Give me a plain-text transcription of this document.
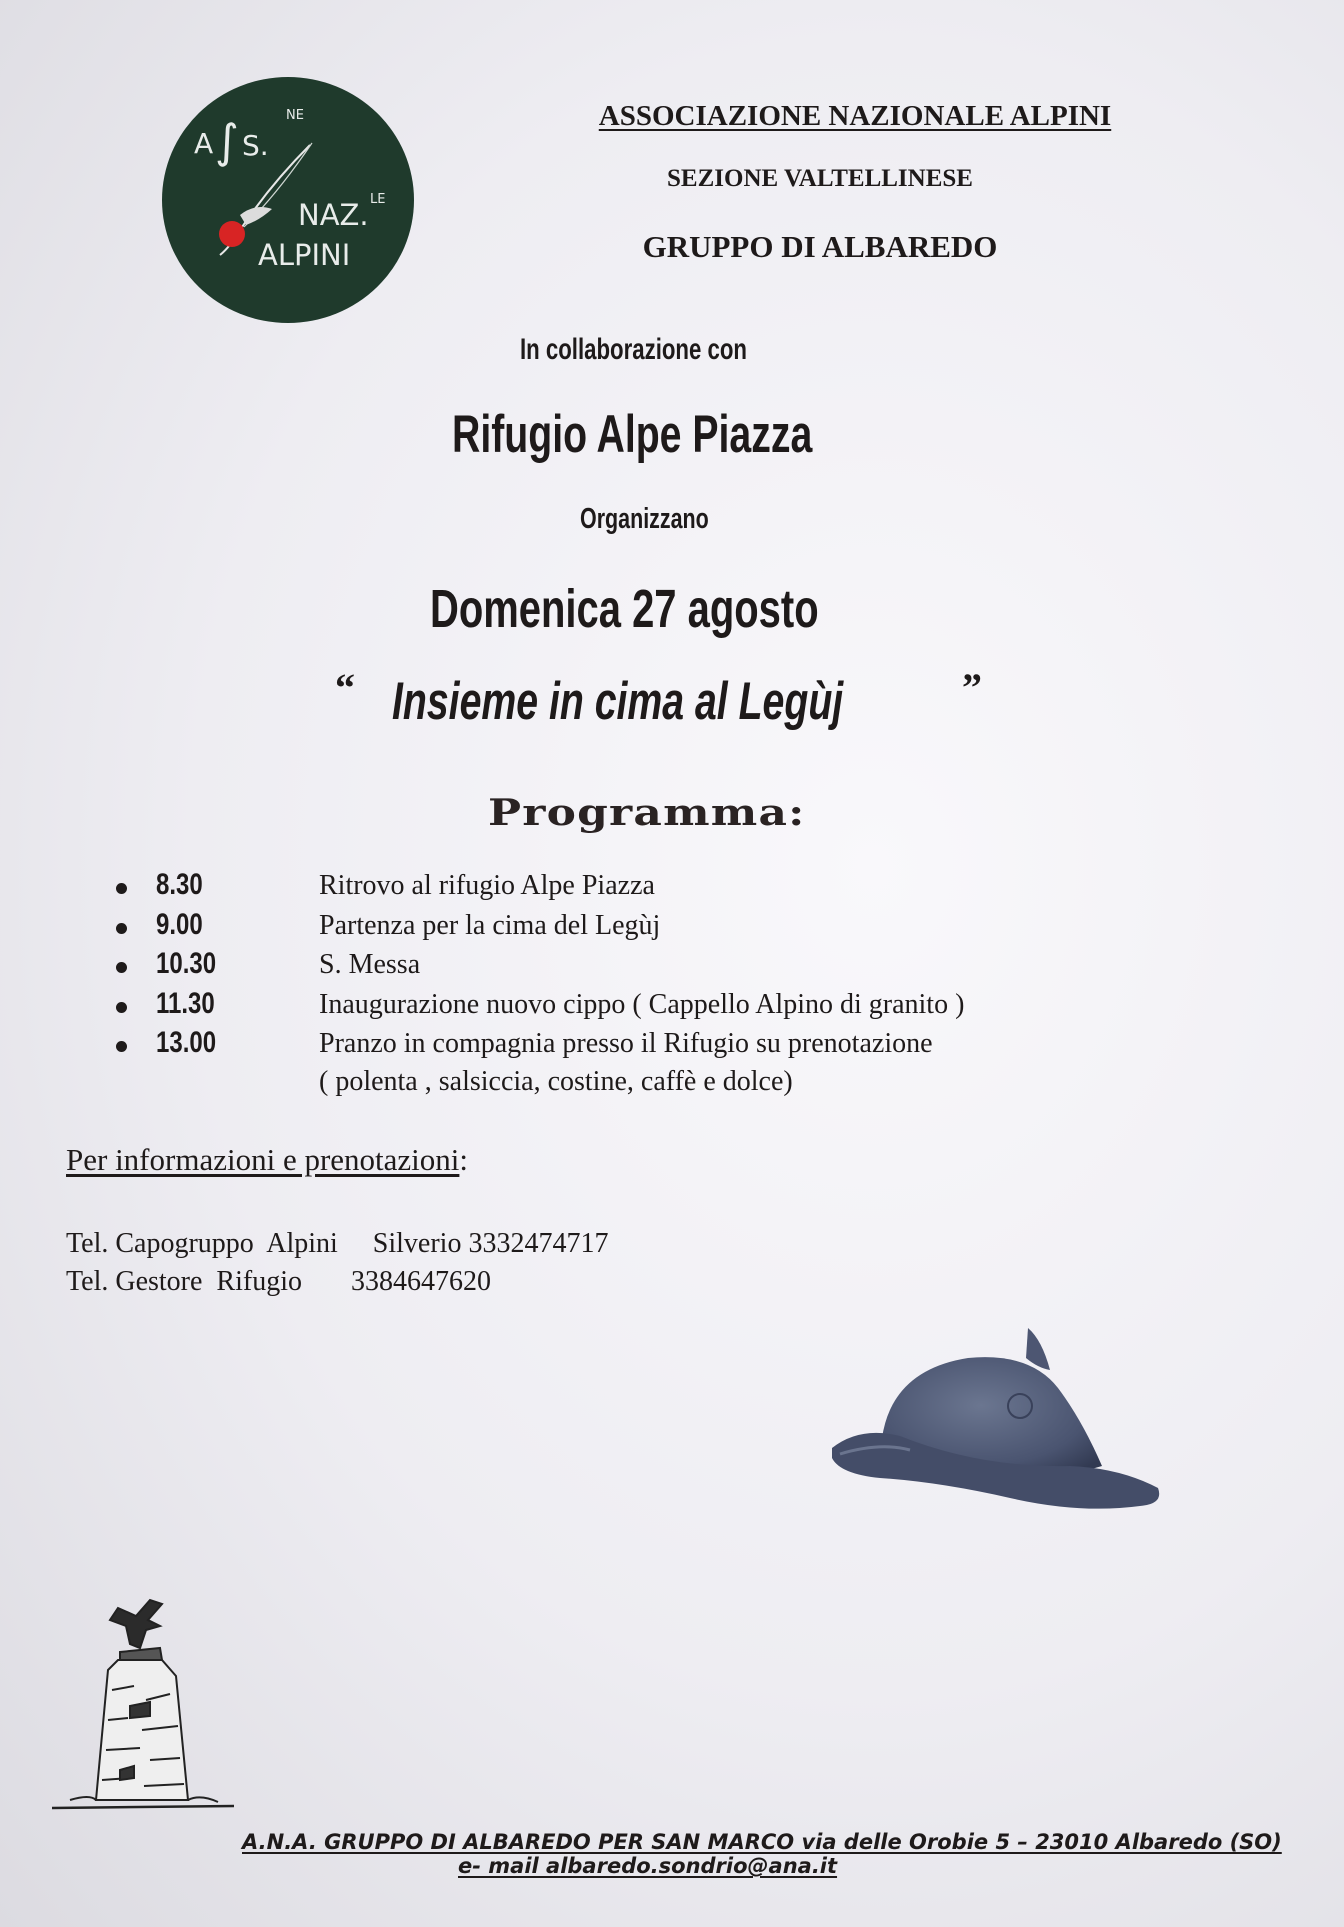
A ∫ S.
NE
NAZ. LE
ALPINI
ASSOCIAZIONE NAZIONALE ALPINI
SEZIONE VALTELLINESE
GRUPPO DI ALBAREDO
In collaborazione con
Rifugio Alpe Piazza
Organizzano
Domenica 27 agosto
“ Insieme in cima al Legùj	”
Programma:
8.30	Ritrovo al rifugio Alpe Piazza
9.00	Partenza per la cima del Legùj
10.30	S. Messa
11.30	Inaugurazione nuovo cippo ( Cappello Alpino di granito )
13.00	Pranzo in compagnia presso il Rifugio su prenotazione
( polenta , salsiccia, costine, caffè e dolce)
Per informazioni e prenotazioni:
Tel. Capogruppo  Alpini     Silverio 3332474717
Tel. Gestore  Rifugio       3384647620
A.N.A. GRUPPO DI ALBAREDO PER SAN MARCO via delle Orobie 5 – 23010 Albaredo (SO)
e- mail albaredo.sondrio@ana.it
